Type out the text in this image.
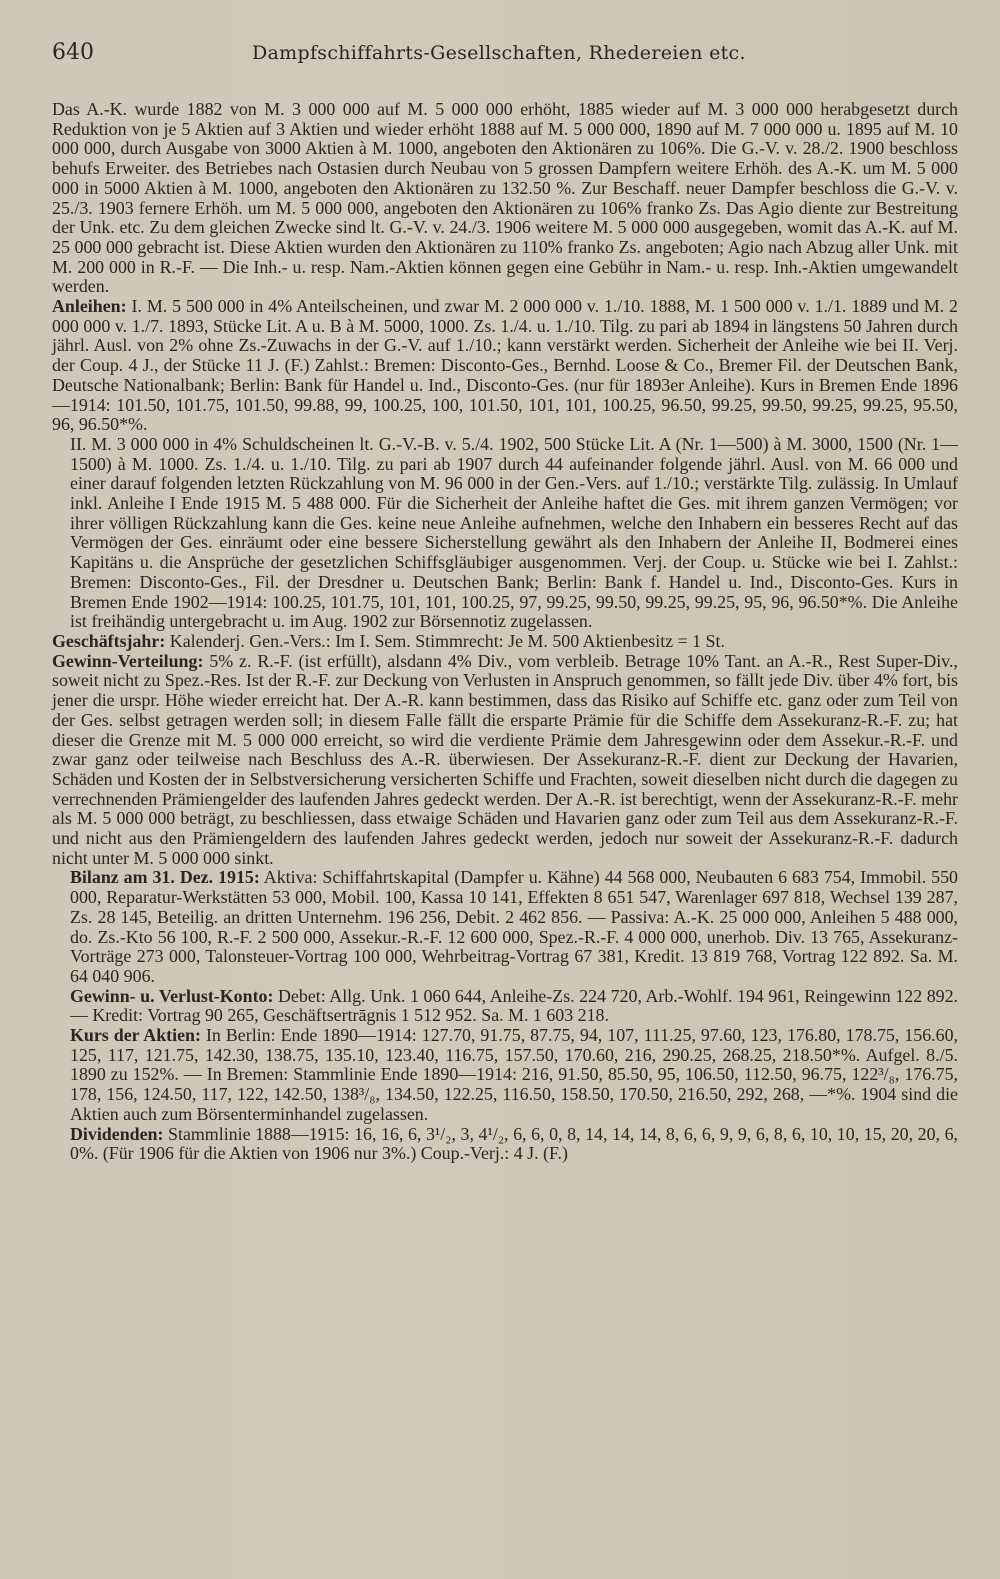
640	Dampfschiffahrts-Gesellschaften, Rhedereien etc.

Das A.-K. wurde 1882 von M. 3 000 000 auf M. 5 000 000 erhöht, 1885 wieder auf M. 3 000 000 herabgesetzt durch Reduktion von je 5 Aktien auf 3 Aktien und wieder erhöht 1888 auf M. 5 000 000, 1890 auf M. 7 000 000 u. 1895 auf M. 10 000 000, durch Ausgabe von 3000 Aktien à M. 1000, angeboten den Aktionären zu 106%. Die G.-V. v. 28./2. 1900 beschloss behufs Erweiter. des Betriebes nach Ostasien durch Neubau von 5 grossen Dampfern weitere Erhöh. des A.-K. um M. 5 000 000 in 5000 Aktien à M. 1000, angeboten den Aktionären zu 132.50 %. Zur Beschaff. neuer Dampfer beschloss die G.-V. v. 25./3. 1903 fernere Erhöh. um M. 5 000 000, angeboten den Aktionären zu 106% franko Zs. Das Agio diente zur Bestreitung der Unk. etc. Zu dem gleichen Zwecke sind lt. G.-V. v. 24./3. 1906 weitere M. 5 000 000 ausgegeben, womit das A.-K. auf M. 25 000 000 gebracht ist. Diese Aktien wurden den Aktionären zu 110% franko Zs. angeboten; Agio nach Abzug aller Unk. mit M. 200 000 in R.-F. — Die Inh.- u. resp. Nam.-Aktien können gegen eine Gebühr in Nam.- u. resp. Inh.-Aktien umgewandelt werden.

Anleihen: I. M. 5 500 000 in 4% Anteilscheinen, und zwar M. 2 000 000 v. 1./10. 1888, M. 1 500 000 v. 1./1. 1889 und M. 2 000 000 v. 1./7. 1893, Stücke Lit. A u. B à M. 5000, 1000. Zs. 1./4. u. 1./10. Tilg. zu pari ab 1894 in längstens 50 Jahren durch jährl. Ausl. von 2% ohne Zs.-Zuwachs in der G.-V. auf 1./10.; kann verstärkt werden. Sicherheit der Anleihe wie bei II. Verj. der Coup. 4 J., der Stücke 11 J. (F.) Zahlst.: Bremen: Disconto-Ges., Bernhd. Loose & Co., Bremer Fil. der Deutschen Bank, Deutsche Nationalbank; Berlin: Bank für Handel u. Ind., Disconto-Ges. (nur für 1893er Anleihe). Kurs in Bremen Ende 1896—1914: 101.50, 101.75, 101.50, 99.88, 99, 100.25, 100, 101.50, 101, 101, 100.25, 96.50, 99.25, 99.50, 99.25, 99.25, 95.50, 96, 96.50*%.

II. M. 3 000 000 in 4% Schuldscheinen lt. G.-V.-B. v. 5./4. 1902, 500 Stücke Lit. A (Nr. 1—500) à M. 3000, 1500 (Nr. 1—1500) à M. 1000. Zs. 1./4. u. 1./10. Tilg. zu pari ab 1907 durch 44 aufeinander folgende jährl. Ausl. von M. 66 000 und einer darauf folgenden letzten Rückzahlung von M. 96 000 in der Gen.-Vers. auf 1./10.; verstärkte Tilg. zulässig. In Umlauf inkl. Anleihe I Ende 1915 M. 5 488 000. Für die Sicherheit der Anleihe haftet die Ges. mit ihrem ganzen Vermögen; vor ihrer völligen Rückzahlung kann die Ges. keine neue Anleihe aufnehmen, welche den Inhabern ein besseres Recht auf das Vermögen der Ges. einräumt oder eine bessere Sicherstellung gewährt als den Inhabern der Anleihe II, Bodmerei eines Kapitäns u. die Ansprüche der gesetzlichen Schiffsgläubiger ausgenommen. Verj. der Coup. u. Stücke wie bei I. Zahlst.: Bremen: Disconto-Ges., Fil. der Dresdner u. Deutschen Bank; Berlin: Bank f. Handel u. Ind., Disconto-Ges. Kurs in Bremen Ende 1902—1914: 100.25, 101.75, 101, 101, 100.25, 97, 99.25, 99.50, 99.25, 99.25, 95, 96, 96.50*%. Die Anleihe ist freihändig untergebracht u. im Aug. 1902 zur Börsennotiz zugelassen.

Geschäftsjahr: Kalenderj. Gen.-Vers.: Im I. Sem. Stimmrecht: Je M. 500 Aktienbesitz = 1 St.

Gewinn-Verteilung: 5% z. R.-F. (ist erfüllt), alsdann 4% Div., vom verbleib. Betrage 10% Tant. an A.-R., Rest Super-Div., soweit nicht zu Spez.-Res. Ist der R.-F. zur Deckung von Verlusten in Anspruch genommen, so fällt jede Div. über 4% fort, bis jener die urspr. Höhe wieder erreicht hat. Der A.-R. kann bestimmen, dass das Risiko auf Schiffe etc. ganz oder zum Teil von der Ges. selbst getragen werden soll; in diesem Falle fällt die ersparte Prämie für die Schiffe dem Assekuranz-R.-F. zu; hat dieser die Grenze mit M. 5 000 000 erreicht, so wird die verdiente Prämie dem Jahresgewinn oder dem Assekur.-R.-F. und zwar ganz oder teilweise nach Beschluss des A.-R. überwiesen. Der Assekuranz-R.-F. dient zur Deckung der Havarien, Schäden und Kosten der in Selbstversicherung versicherten Schiffe und Frachten, soweit dieselben nicht durch die dagegen zu verrechnenden Prämiengelder des laufenden Jahres gedeckt werden. Der A.-R. ist berechtigt, wenn der Assekuranz-R.-F. mehr als M. 5 000 000 beträgt, zu beschliessen, dass etwaige Schäden und Havarien ganz oder zum Teil aus dem Assekuranz-R.-F. und nicht aus den Prämiengeldern des laufenden Jahres gedeckt werden, jedoch nur soweit der Assekuranz-R.-F. dadurch nicht unter M. 5 000 000 sinkt.

Bilanz am 31. Dez. 1915: Aktiva: Schiffahrtskapital (Dampfer u. Kähne) 44 568 000, Neubauten 6 683 754, Immobil. 550 000, Reparatur-Werkstätten 53 000, Mobil. 100, Kassa 10 141, Effekten 8 651 547, Warenlager 697 818, Wechsel 139 287, Zs. 28 145, Beteilig. an dritten Unternehm. 196 256, Debit. 2 462 856. — Passiva: A.-K. 25 000 000, Anleihen 5 488 000, do. Zs.-Kto 56 100, R.-F. 2 500 000, Assekur.-R.-F. 12 600 000, Spez.-R.-F. 4 000 000, unerhob. Div. 13 765, Assekuranz-Vorträge 273 000, Talonsteuer-Vortrag 100 000, Wehrbeitrag-Vortrag 67 381, Kredit. 13 819 768, Vortrag 122 892. Sa. M. 64 040 906.

Gewinn- u. Verlust-Konto: Debet: Allg. Unk. 1 060 644, Anleihe-Zs. 224 720, Arb.-Wohlf. 194 961, Reingewinn 122 892. — Kredit: Vortrag 90 265, Geschäftsertrāgnis 1 512 952. Sa. M. 1 603 218.

Kurs der Aktien: In Berlin: Ende 1890—1914: 127.70, 91.75, 87.75, 94, 107, 111.25, 97.60, 123, 176.80, 178.75, 156.60, 125, 117, 121.75, 142.30, 138.75, 135.10, 123.40, 116.75, 157.50, 170.60, 216, 290.25, 268.25, 218.50*%. Aufgel. 8./5. 1890 zu 152%. — In Bremen: Stammlinie Ende 1890—1914: 216, 91.50, 85.50, 95, 106.50, 112.50, 96.75, 122³/₈, 176.75, 178, 156, 124.50, 117, 122, 142.50, 138³/₈, 134.50, 122.25, 116.50, 158.50, 170.50, 216.50, 292, 268, —*%. 1904 sind die Aktien auch zum Börsenterminhandel zugelassen.

Dividenden: Stammlinie 1888—1915: 16, 16, 6, 3¹/₂, 3, 4¹/₂, 6, 6, 0, 8, 14, 14, 14, 8, 6, 6, 9, 9, 6, 8, 6, 10, 10, 15, 20, 20, 6, 0%. (Für 1906 für die Aktien von 1906 nur 3%.) Coup.-Verj.: 4 J. (F.)
